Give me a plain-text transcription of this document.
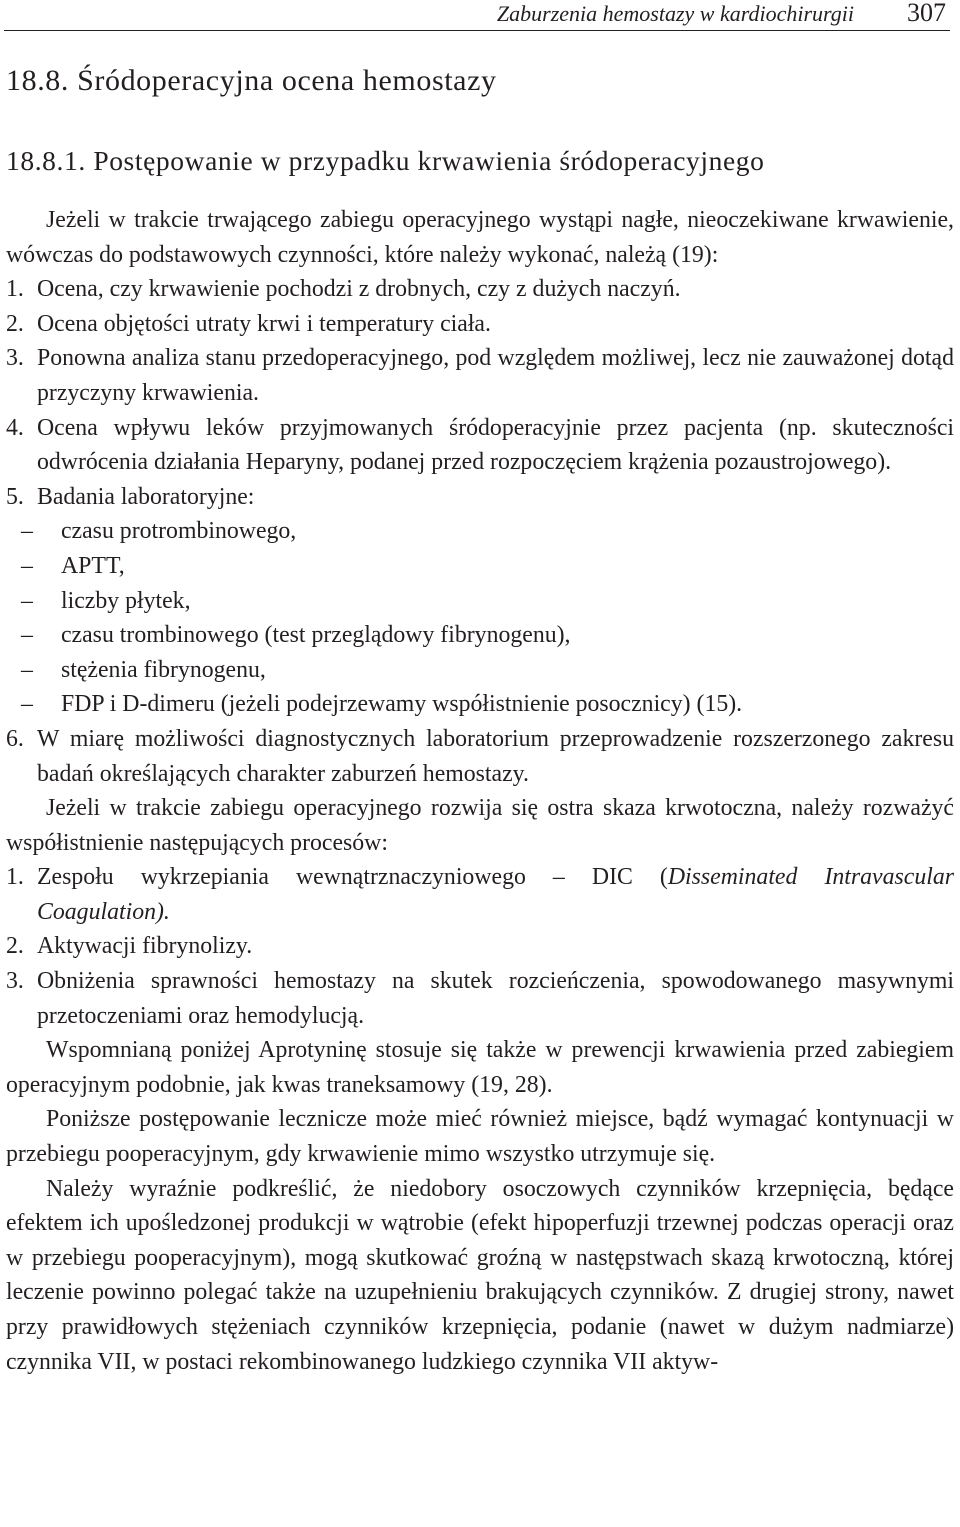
Zaburzenia hemostazy w kardiochirurgii 307
18.8. Śródoperacyjna ocena hemostazy
18.8.1. Postępowanie w przypadku krwawienia śródoperacyjnego

Jeżeli w trakcie trwającego zabiegu operacyjnego wystąpi nagłe, nieoczekiwane krwawienie, wówczas do podstawowych czynności, które należy wykonać, należą (19):

1. Ocena, czy krwawienie pochodzi z drobnych, czy z dużych naczyń.
2. Ocena objętości utraty krwi i temperatury ciała.
3. Ponowna analiza stanu przedoperacyjnego, pod względem możliwej, lecz nie zauważonej dotąd przyczyny krwawienia.
4. Ocena wpływu leków przyjmowanych śródoperacyjnie przez pacjenta (np. skuteczności odwrócenia działania Heparyny, podanej przed rozpoczęciem krążenia pozaustrojowego).
5. Badania laboratoryjne:
– czasu protrombinowego,
– APTT,
– liczby płytek,
– czasu trombinowego (test przeglądowy fibrynogenu),
– stężenia fibrynogenu,
– FDP i D-dimeru (jeżeli podejrzewamy współistnienie posocznicy) (15).
6. W miarę możliwości diagnostycznych laboratorium przeprowadzenie rozszerzonego zakresu badań określających charakter zaburzeń hemostazy.

Jeżeli w trakcie zabiegu operacyjnego rozwija się ostra skaza krwotoczna, należy rozważyć współistnienie następujących procesów:

1. Zespołu wykrzepiania wewnątrznaczyniowego – DIC (Disseminated Intravascular Coagulation).
2. Aktywacji fibrynolizy.
3. Obniżenia sprawności hemostazy na skutek rozcieńczenia, spowodowanego masywnymi przetoczeniami oraz hemodylucją.

Wspomnianą poniżej Aprotyninę stosuje się także w prewencji krwawienia przed zabiegiem operacyjnym podobnie, jak kwas traneksamowy (19, 28).

Poniższe postępowanie lecznicze może mieć również miejsce, bądź wymagać kontynuacji w przebiegu pooperacyjnym, gdy krwawienie mimo wszystko utrzymuje się.

Należy wyraźnie podkreślić, że niedobory osoczowych czynników krzepnięcia, będące efektem ich upośledzonej produkcji w wątrobie (efekt hipoperfuzji trzewnej podczas operacji oraz w przebiegu pooperacyjnym), mogą skutkować groźną w następstwach skazą krwotoczną, której leczenie powinno polegać także na uzupełnieniu brakujących czynników. Z drugiej strony, nawet przy prawidłowych stężeniach czynników krzepnięcia, podanie (nawet w dużym nadmiarze) czynnika VII, w postaci rekombinowanego ludzkiego czynnika VII aktyw-
